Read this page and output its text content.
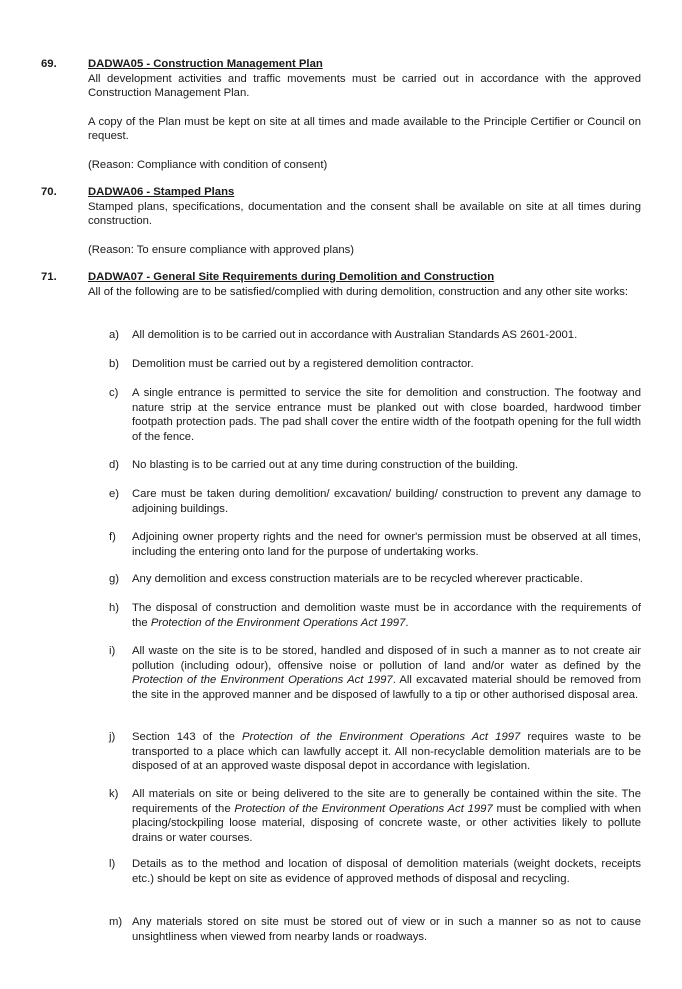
69.	DADWA05 - Construction Management Plan

All development activities and traffic movements must be carried out in accordance with the approved Construction Management Plan.

A copy of the Plan must be kept on site at all times and made available to the Principle Certifier or Council on request.

(Reason: Compliance with condition of consent)

70.	DADWA06 - Stamped Plans

Stamped plans, specifications, documentation and the consent shall be available on site at all times during construction.

(Reason: To ensure compliance with approved plans)

71.	DADWA07 - General Site Requirements during Demolition and Construction

All of the following are to be satisfied/complied with during demolition, construction and any other site works:

a) All demolition is to be carried out in accordance with Australian Standards AS 2601-2001.
b) Demolition must be carried out by a registered demolition contractor.
c) A single entrance is permitted to service the site for demolition and construction. The footway and nature strip at the service entrance must be planked out with close boarded, hardwood timber footpath protection pads. The pad shall cover the entire width of the footpath opening for the full width of the fence.
d) No blasting is to be carried out at any time during construction of the building.
e) Care must be taken during demolition/ excavation/ building/ construction to prevent any damage to adjoining buildings.
f) Adjoining owner property rights and the need for owner's permission must be observed at all times, including the entering onto land for the purpose of undertaking works.
g) Any demolition and excess construction materials are to be recycled wherever practicable.
h) The disposal of construction and demolition waste must be in accordance with the requirements of the Protection of the Environment Operations Act 1997.
i) All waste on the site is to be stored, handled and disposed of in such a manner as to not create air pollution (including odour), offensive noise or pollution of land and/or water as defined by the Protection of the Environment Operations Act 1997. All excavated material should be removed from the site in the approved manner and be disposed of lawfully to a tip or other authorised disposal area.
j) Section 143 of the Protection of the Environment Operations Act 1997 requires waste to be transported to a place which can lawfully accept it. All non-recyclable demolition materials are to be disposed of at an approved waste disposal depot in accordance with legislation.
k) All materials on site or being delivered to the site are to generally be contained within the site. The requirements of the Protection of the Environment Operations Act 1997 must be complied with when placing/stockpiling loose material, disposing of concrete waste, or other activities likely to pollute drains or water courses.
l) Details as to the method and location of disposal of demolition materials (weight dockets, receipts etc.) should be kept on site as evidence of approved methods of disposal and recycling.
m) Any materials stored on site must be stored out of view or in such a manner so as not to cause unsightliness when viewed from nearby lands or roadways.
